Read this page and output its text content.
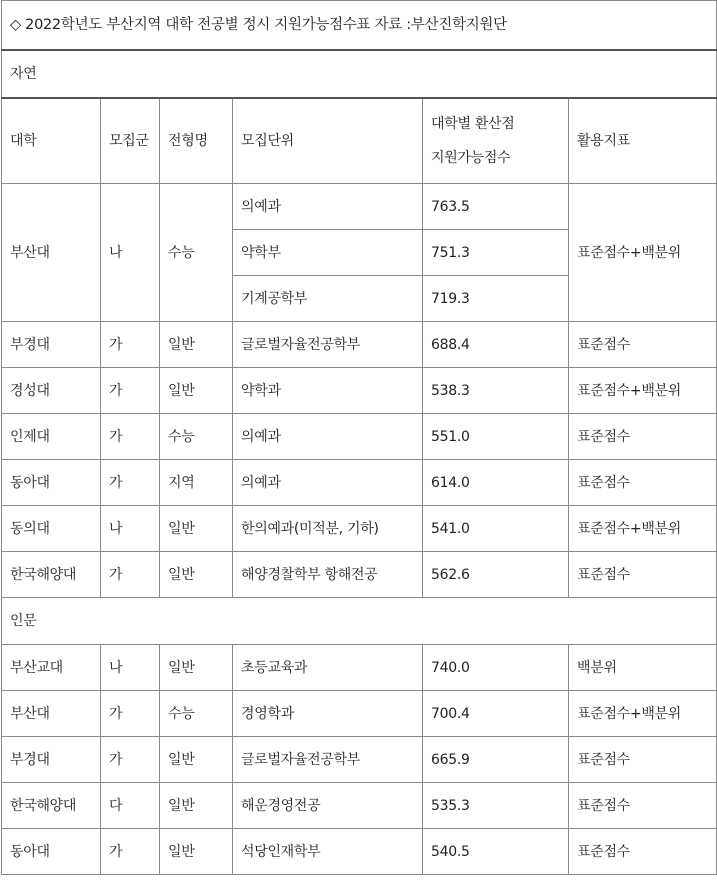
◇ 2022학년도 부산지역 대학 전공별 정시 지원가능점수표 자료 :부산진학지원단					
자연					
대학	모집군	전형명	모집단위	대학별 환산점
지원가능점수	활용지표
부산대	나	수능	의예과	763.5	표준점수+백분위
			약학부	751.3	
			기계공학부	719.3	
부경대	가	일반	글로벌자율전공학부	688.4	표준점수
경성대	가	일반	약학과	538.3	표준점수+백분위
인제대	가	수능	의예과	551.0	표준점수
동아대	가	지역	의예과	614.0	표준점수
동의대	나	일반	한의예과(미적분, 기하)	541.0	표준점수+백분위
한국해양대	가	일반	해양경찰학부 항해전공	562.6	표준점수
인문					
부산교대	나	일반	초등교육과	740.0	백분위
부산대	가	수능	경영학과	700.4	표준점수+백분위
부경대	가	일반	글로벌자율전공학부	665.9	표준점수
한국해양대	다	일반	해운경영전공	535.3	표준점수
동아대	가	일반	석당인재학부	540.5	표준점수
